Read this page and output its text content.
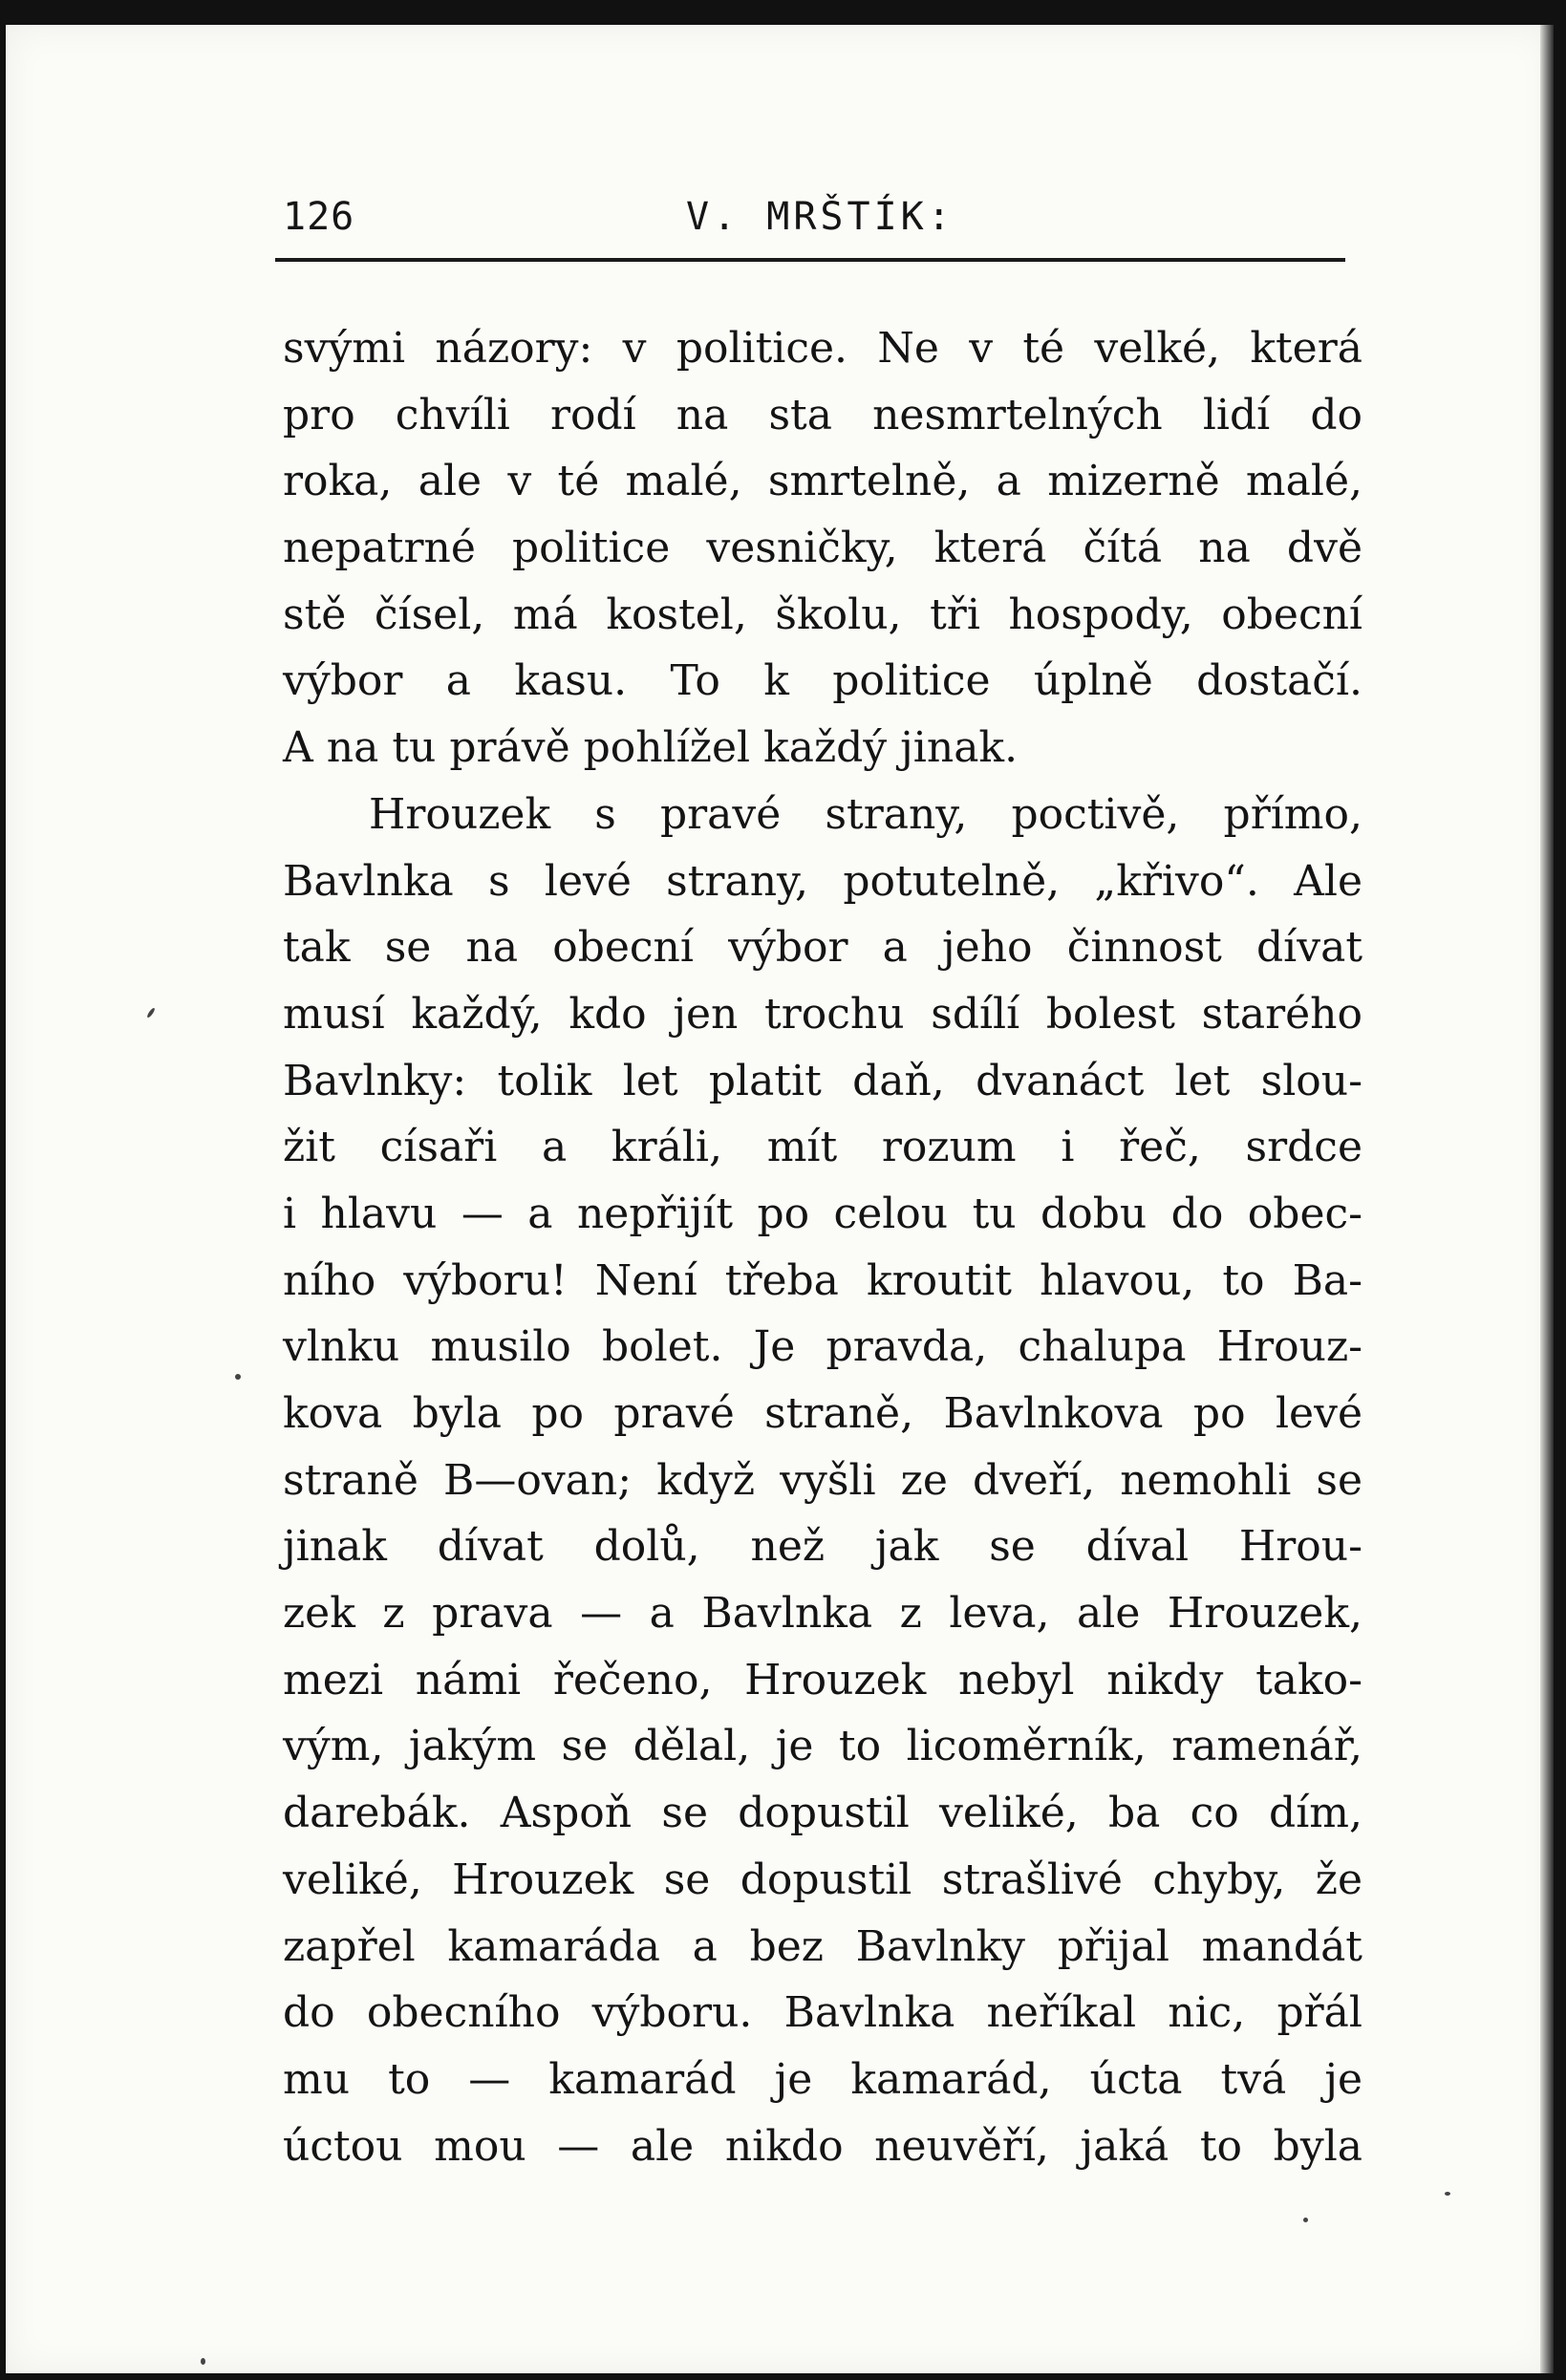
126	V. MRŠTÍK:
svými názory: v politice. Ne v té velké, která
pro chvíli rodí na sta nesmrtelných lidí do
roka, ale v té malé, smrtelně, a mizerně malé,
nepatrné politice vesničky, která čítá na dvě
stě čísel, má kostel, školu, tři hospody, obecní
výbor a kasu. To k politice úplně dostačí.
A na tu právě pohlížel každý jinak.
Hrouzek s pravé strany, poctivě, přímo,
Bavlnka s levé strany, potutelně, „křivo“. Ale
tak se na obecní výbor a jeho činnost dívat
musí každý, kdo jen trochu sdílí bolest starého
Bavlnky: tolik let platit daň, dvanáct let slou-
žit císaři a králi, mít rozum i řeč, srdce
i hlavu — a nepřijít po celou tu dobu do obec-
ního výboru! Není třeba kroutit hlavou, to Ba-
vlnku musilo bolet. Je pravda, chalupa Hrouz-
kova byla po pravé straně, Bavlnkova po levé
straně B—ovan; když vyšli ze dveří, nemohli se
jinak dívat dolů, než jak se díval Hrou-
zek z prava — a Bavlnka z leva, ale Hrouzek,
mezi námi řečeno, Hrouzek nebyl nikdy tako-
vým, jakým se dělal, je to licoměrník, ramenář,
darebák. Aspoň se dopustil veliké, ba co dím,
veliké, Hrouzek se dopustil strašlivé chyby, že
zapřel kamaráda a bez Bavlnky přijal mandát
do obecního výboru. Bavlnka neříkal nic, přál
mu to — kamarád je kamarád, úcta tvá je
úctou mou — ale nikdo neuvěří, jaká to byla
